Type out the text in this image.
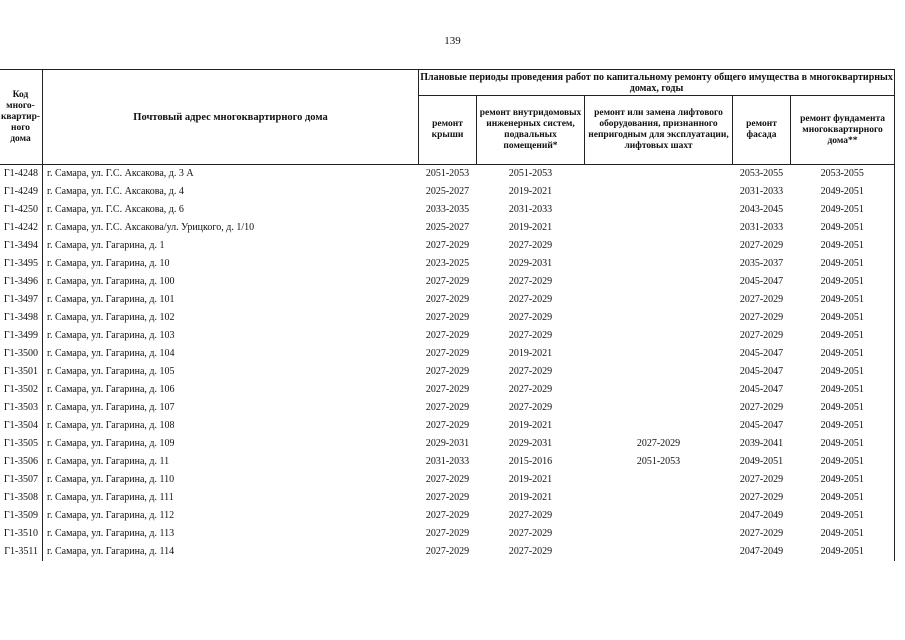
139
Код много-квартир-ного дома	Почтовый адрес многоквартирного дома	Плановые периоды проведения работ по капитальному ремонту общего имущества в многоквартирных домах, годы				
		ремонт крыши	ремонт внутридомовых инженерных систем, подвальных помещений*	ремонт или замена лифтового оборудования, признанного непригодным для эксплуатации, лифтовых шахт	ремонт фасада	ремонт фундамента многоквартирного дома**
Г1-4248	г. Самара, ул. Г.С. Аксакова, д. 3 А	2051-2053	2051-2053		2053-2055	2053-2055
Г1-4249	г. Самара, ул. Г.С. Аксакова, д. 4	2025-2027	2019-2021		2031-2033	2049-2051
Г1-4250	г. Самара, ул. Г.С. Аксакова, д. 6	2033-2035	2031-2033		2043-2045	2049-2051
Г1-4242	г. Самара, ул. Г.С. Аксакова/ул. Урицкого, д. 1/10	2025-2027	2019-2021		2031-2033	2049-2051
Г1-3494	г. Самара, ул. Гагарина, д. 1	2027-2029	2027-2029		2027-2029	2049-2051
Г1-3495	г. Самара, ул. Гагарина, д. 10	2023-2025	2029-2031		2035-2037	2049-2051
Г1-3496	г. Самара, ул. Гагарина, д. 100	2027-2029	2027-2029		2045-2047	2049-2051
Г1-3497	г. Самара, ул. Гагарина, д. 101	2027-2029	2027-2029		2027-2029	2049-2051
Г1-3498	г. Самара, ул. Гагарина, д. 102	2027-2029	2027-2029		2027-2029	2049-2051
Г1-3499	г. Самара, ул. Гагарина, д. 103	2027-2029	2027-2029		2027-2029	2049-2051
Г1-3500	г. Самара, ул. Гагарина, д. 104	2027-2029	2019-2021		2045-2047	2049-2051
Г1-3501	г. Самара, ул. Гагарина, д. 105	2027-2029	2027-2029		2045-2047	2049-2051
Г1-3502	г. Самара, ул. Гагарина, д. 106	2027-2029	2027-2029		2045-2047	2049-2051
Г1-3503	г. Самара, ул. Гагарина, д. 107	2027-2029	2027-2029		2027-2029	2049-2051
Г1-3504	г. Самара, ул. Гагарина, д. 108	2027-2029	2019-2021		2045-2047	2049-2051
Г1-3505	г. Самара, ул. Гагарина, д. 109	2029-2031	2029-2031	2027-2029	2039-2041	2049-2051
Г1-3506	г. Самара, ул. Гагарина, д. 11	2031-2033	2015-2016	2051-2053	2049-2051	2049-2051
Г1-3507	г. Самара, ул. Гагарина, д. 110	2027-2029	2019-2021		2027-2029	2049-2051
Г1-3508	г. Самара, ул. Гагарина, д. 111	2027-2029	2019-2021		2027-2029	2049-2051
Г1-3509	г. Самара, ул. Гагарина, д. 112	2027-2029	2027-2029		2047-2049	2049-2051
Г1-3510	г. Самара, ул. Гагарина, д. 113	2027-2029	2027-2029		2027-2029	2049-2051
Г1-3511	г. Самара, ул. Гагарина, д. 114	2027-2029	2027-2029		2047-2049	2049-2051
